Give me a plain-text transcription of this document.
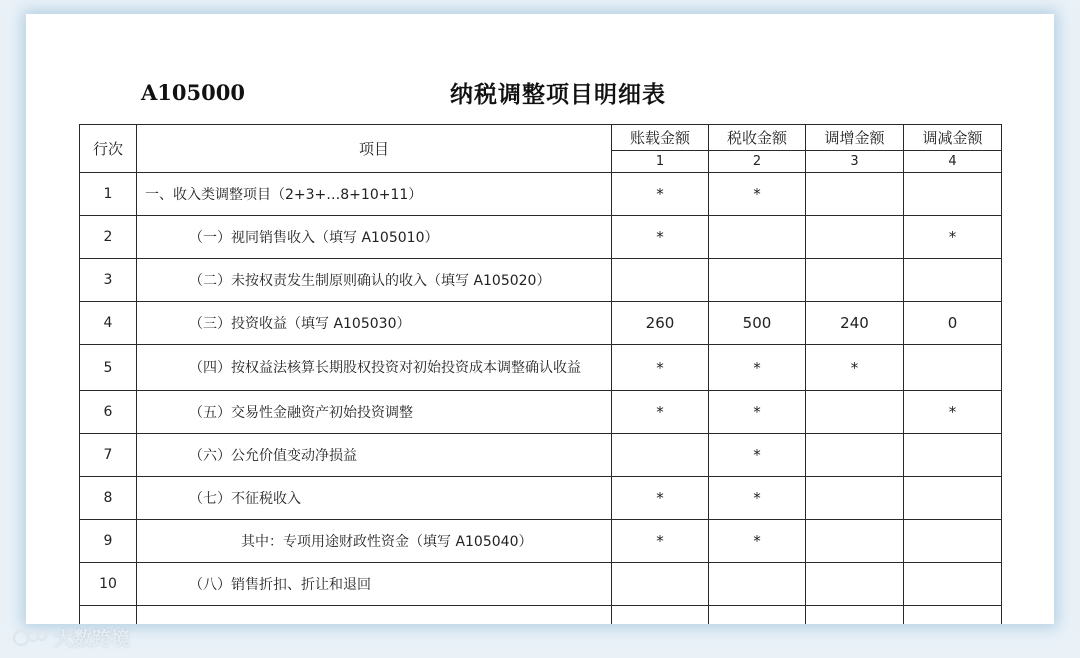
A105000	纳税调整项目明细表
行次	项目	账载金额	税收金额	调增金额	调减金额
		1	2	3	4
1	一、收入类调整项目（2+3+…8+10+11）	*	*		
2	（一）视同销售收入（填写 A105010）	*			*
3	（二）未按权责发生制原则确认的收入（填写 A105020）				
4	（三）投资收益（填写 A105030）	260	500	240	0
5	（四）按权益法核算长期股权投资对初始投资成本调整确认收益	*	*	*	
6	（五）交易性金融资产初始投资调整	*	*		*
7	（六）公允价值变动净损益		*		
8	（七）不征税收入	*	*		
9	其中：专项用途财政性资金（填写 A105040）	*	*		
10	（八）销售折扣、折让和退回				

大数跨境
